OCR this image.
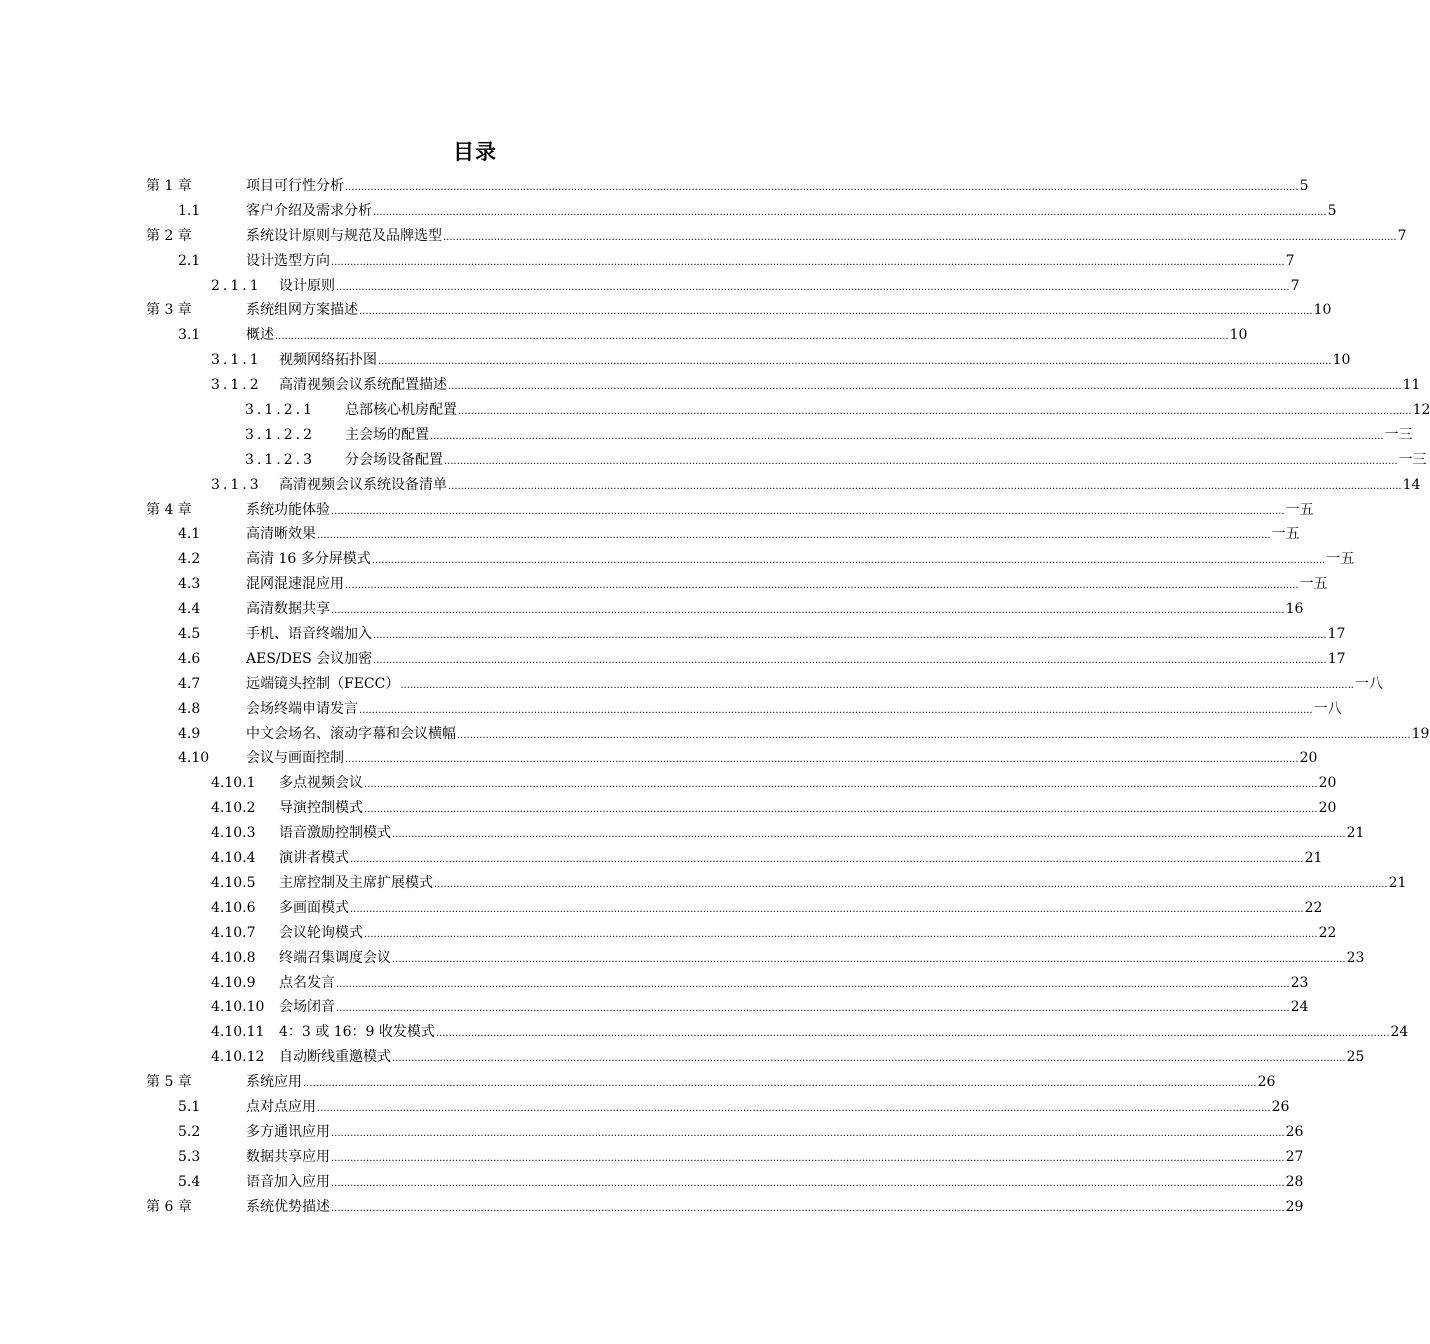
目录
第 1 章	项目可行性分析 ............................................................................................................................................................................................................................................................................................................ 5
1.1	客户介绍及需求分析 ............................................................................................................................................................................................................................................................................................................ 5
第 2 章	系统设计原则与规范及品牌选型 ............................................................................................................................................................................................................................................................................................................ 7
2.1	设计选型方向 ............................................................................................................................................................................................................................................................................................................ 7
2.1.1 设计原则 ............................................................................................................................................................................................................................................................................................................ 7
第 3 章	系统组网方案描述 ............................................................................................................................................................................................................................................................................................................ 10
3.1	概述 ............................................................................................................................................................................................................................................................................................................ 10
3.1.1 视频网络拓扑图 ............................................................................................................................................................................................................................................................................................................ 10
3.1.2 高清视频会议系统配置描述 ............................................................................................................................................................................................................................................................................................................ 11
3.1.2.1 总部核心机房配置 ............................................................................................................................................................................................................................................................................................................ 12
3.1.2.2 主会场的配置 ............................................................................................................................................................................................................................................................................................................ 一三
3.1.2.3 分会场设备配置 ............................................................................................................................................................................................................................................................................................................ 一三
3.1.3 高清视频会议系统设备清单 ............................................................................................................................................................................................................................................................................................................ 14
第 4 章	系统功能体验 ............................................................................................................................................................................................................................................................................................................ 一五
4.1	高清晰效果 ............................................................................................................................................................................................................................................................................................................ 一五
4.2	高清 16 多分屏模式 ............................................................................................................................................................................................................................................................................................................ 一五
4.3	混网混速混应用 ............................................................................................................................................................................................................................................................................................................ 一五
4.4	高清数据共享 ............................................................................................................................................................................................................................................................................................................ 16
4.5	手机、语音终端加入 ............................................................................................................................................................................................................................................................................................................ 17
4.6	AES/DES 会议加密 ............................................................................................................................................................................................................................................................................................................ 17
4.7	远端镜头控制（FECC） ............................................................................................................................................................................................................................................................................................................ 一八
4.8	会场终端申请发言 ............................................................................................................................................................................................................................................................................................................ 一八
4.9	中文会场名、滚动字幕和会议横幅 ............................................................................................................................................................................................................................................................................................................ 19
4.10	会议与画面控制 ............................................................................................................................................................................................................................................................................................................ 20
4.10.1 多点视频会议 ............................................................................................................................................................................................................................................................................................................ 20
4.10.2 导演控制模式 ............................................................................................................................................................................................................................................................................................................ 20
4.10.3 语音激励控制模式 ............................................................................................................................................................................................................................................................................................................ 21
4.10.4 演讲者模式 ............................................................................................................................................................................................................................................................................................................ 21
4.10.5 主席控制及主席扩展模式 ............................................................................................................................................................................................................................................................................................................ 21
4.10.6 多画面模式 ............................................................................................................................................................................................................................................................................................................ 22
4.10.7 会议轮询模式 ............................................................................................................................................................................................................................................................................................................ 22
4.10.8 终端召集调度会议 ............................................................................................................................................................................................................................................................................................................ 23
4.10.9 点名发言 ............................................................................................................................................................................................................................................................................................................ 23
4.10.10 会场闭音 ............................................................................................................................................................................................................................................................................................................ 24
4.10.11 4：3 或 16：9 收发模式 ............................................................................................................................................................................................................................................................................................................ 24
4.10.12 自动断线重邀模式 ............................................................................................................................................................................................................................................................................................................ 25
第 5 章	系统应用 ............................................................................................................................................................................................................................................................................................................ 26
5.1	点对点应用 ............................................................................................................................................................................................................................................................................................................ 26
5.2	多方通讯应用 ............................................................................................................................................................................................................................................................................................................ 26
5.3	数据共享应用 ............................................................................................................................................................................................................................................................................................................ 27
5.4	语音加入应用 ............................................................................................................................................................................................................................................................................................................ 28
第 6 章	系统优势描述 ............................................................................................................................................................................................................................................................................................................ 29
